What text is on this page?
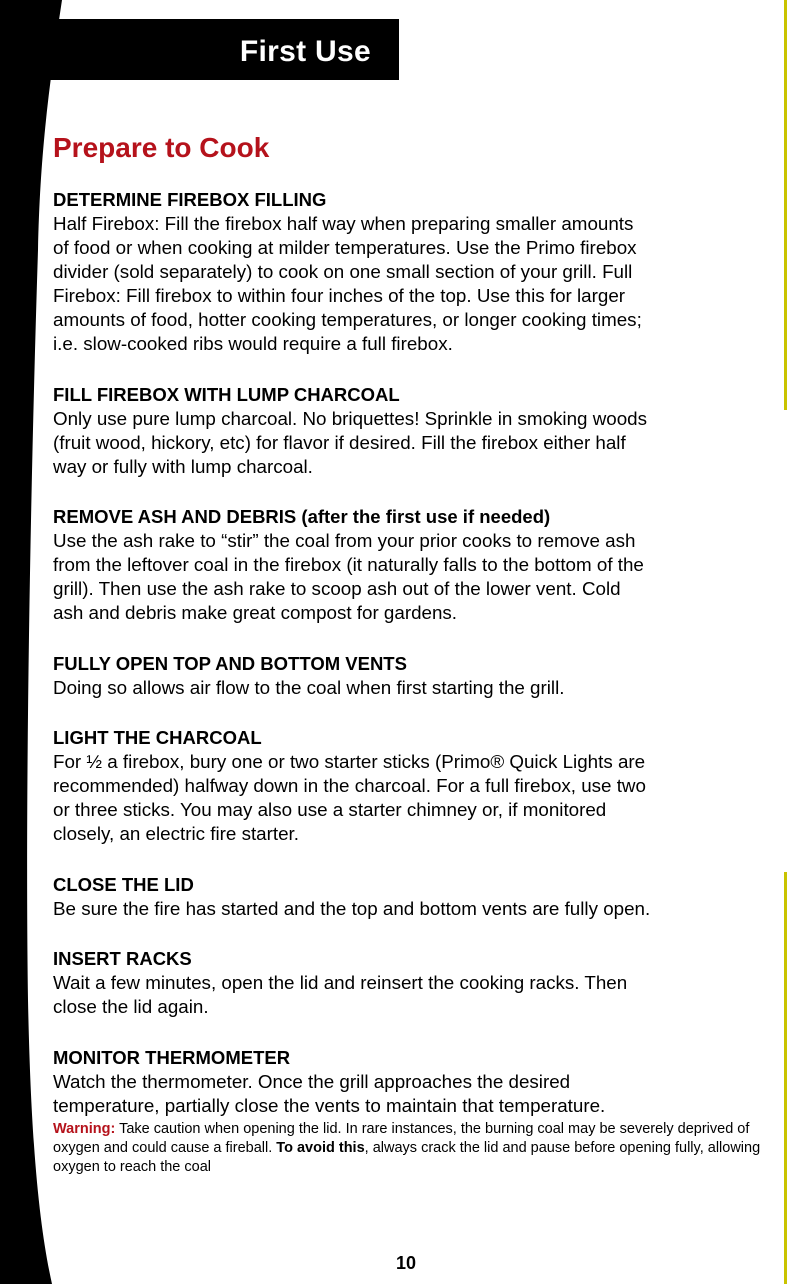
First Use
Prepare to Cook
DETERMINE FIREBOX FILLING

Half Firebox: Fill the firebox half way when preparing smaller amounts
of food or when cooking at milder temperatures. Use the Primo firebox
divider (sold separately) to cook on one small section of your grill. Full
Firebox: Fill firebox to within four inches of the top. Use this for larger
amounts of food, hotter cooking temperatures, or longer cooking times;
i.e. slow-cooked ribs would require a full firebox.

FILL FIREBOX WITH LUMP CHARCOAL

Only use pure lump charcoal. No briquettes! Sprinkle in smoking woods
(fruit wood, hickory, etc) for flavor if desired. Fill the firebox either half
way or fully with lump charcoal.

REMOVE ASH AND DEBRIS (after the first use if needed)

Use the ash rake to “stir” the coal from your prior cooks to remove ash
from the leftover coal in the firebox (it naturally falls to the bottom of the
grill). Then use the ash rake to scoop ash out of the lower vent. Cold
ash and debris make great compost for gardens.

FULLY OPEN TOP AND BOTTOM VENTS

Doing so allows air flow to the coal when first starting the grill.

LIGHT THE CHARCOAL

For ½ a firebox, bury one or two starter sticks (Primo® Quick Lights are
recommended) halfway down in the charcoal. For a full firebox, use two
or three sticks. You may also use a starter chimney or, if monitored
closely, an electric fire starter.

CLOSE THE LID

Be sure the fire has started and the top and bottom vents are fully open.

INSERT RACKS

Wait a few minutes, open the lid and reinsert the cooking racks. Then
close the lid again.

MONITOR THERMOMETER

Watch the thermometer. Once the grill approaches the desired
temperature, partially close the vents to maintain that temperature.

Warning: Take caution when opening the lid. In rare instances, the burning coal may be severely deprived of oxygen and could cause a fireball. To avoid this, always crack the lid and pause before opening fully, allowing oxygen to reach the coal
10
